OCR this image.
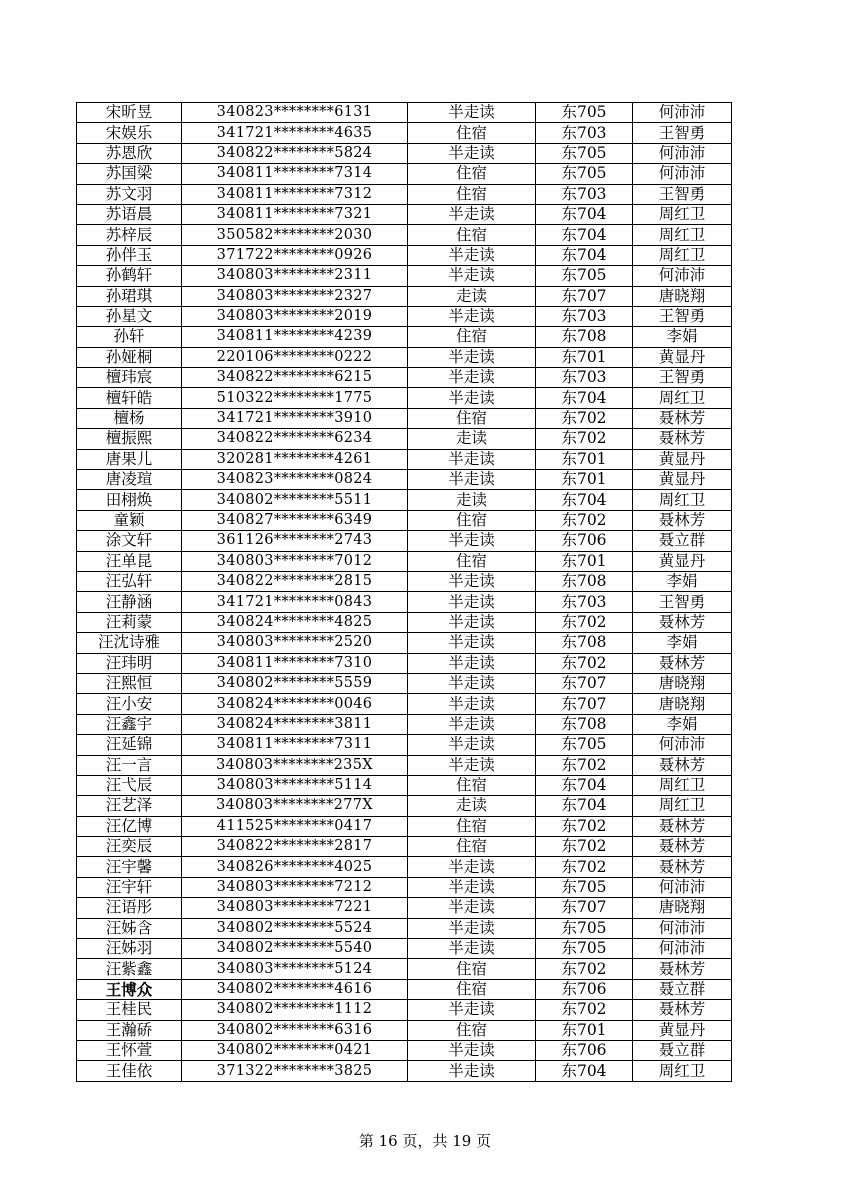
宋昕昱	340823********6131	半走读	东705	何沛沛
宋娱乐	341721********4635	住宿	东703	王智勇
苏恩欣	340822********5824	半走读	东705	何沛沛
苏国梁	340811********7314	住宿	东705	何沛沛
苏文羽	340811********7312	住宿	东703	王智勇
苏语晨	340811********7321	半走读	东704	周红卫
苏梓辰	350582********2030	住宿	东704	周红卫
孙伴玉	371722********0926	半走读	东704	周红卫
孙鹤轩	340803********2311	半走读	东705	何沛沛
孙珺琪	340803********2327	走读	东707	唐晓翔
孙星文	340803********2019	半走读	东703	王智勇
孙轩	340811********4239	住宿	东708	李娟
孙娅桐	220106********0222	半走读	东701	黄显丹
檀玮宸	340822********6215	半走读	东703	王智勇
檀轩皓	510322********1775	半走读	东704	周红卫
檀杨	341721********3910	住宿	东702	聂林芳
檀振熙	340822********6234	走读	东702	聂林芳
唐果儿	320281********4261	半走读	东701	黄显丹
唐凌瑄	340823********0824	半走读	东701	黄显丹
田栩焕	340802********5511	走读	东704	周红卫
童颖	340827********6349	住宿	东702	聂林芳
涂文轩	361126********2743	半走读	东706	聂立群
汪单昆	340803********7012	住宿	东701	黄显丹
汪弘轩	340822********2815	半走读	东708	李娟
汪静涵	341721********0843	半走读	东703	王智勇
汪莉蒙	340824********4825	半走读	东702	聂林芳
汪沈诗雅	340803********2520	半走读	东708	李娟
汪玮明	340811********7310	半走读	东702	聂林芳
汪熙恒	340802********5559	半走读	东707	唐晓翔
汪小安	340824********0046	半走读	东707	唐晓翔
汪鑫宇	340824********3811	半走读	东708	李娟
汪延锦	340811********7311	半走读	东705	何沛沛
汪一言	340803********235X	半走读	东702	聂林芳
汪弋辰	340803********5114	住宿	东704	周红卫
汪艺泽	340803********277X	走读	东704	周红卫
汪亿博	411525********0417	住宿	东702	聂林芳
汪奕辰	340822********2817	住宿	东702	聂林芳
汪宇馨	340826********4025	半走读	东702	聂林芳
汪宇轩	340803********7212	半走读	东705	何沛沛
汪语彤	340803********7221	半走读	东707	唐晓翔
汪姊含	340802********5524	半走读	东705	何沛沛
汪姊羽	340802********5540	半走读	东705	何沛沛
汪紫鑫	340803********5124	住宿	东702	聂林芳
王博众	340802********4616	住宿	东706	聂立群
王桂民	340802********1112	半走读	东702	聂林芳
王瀚硚	340802********6316	住宿	东701	黄显丹
王怀萱	340802********0421	半走读	东706	聂立群
王佳依	371322********3825	半走读	东704	周红卫
第 16 页，共 19 页
